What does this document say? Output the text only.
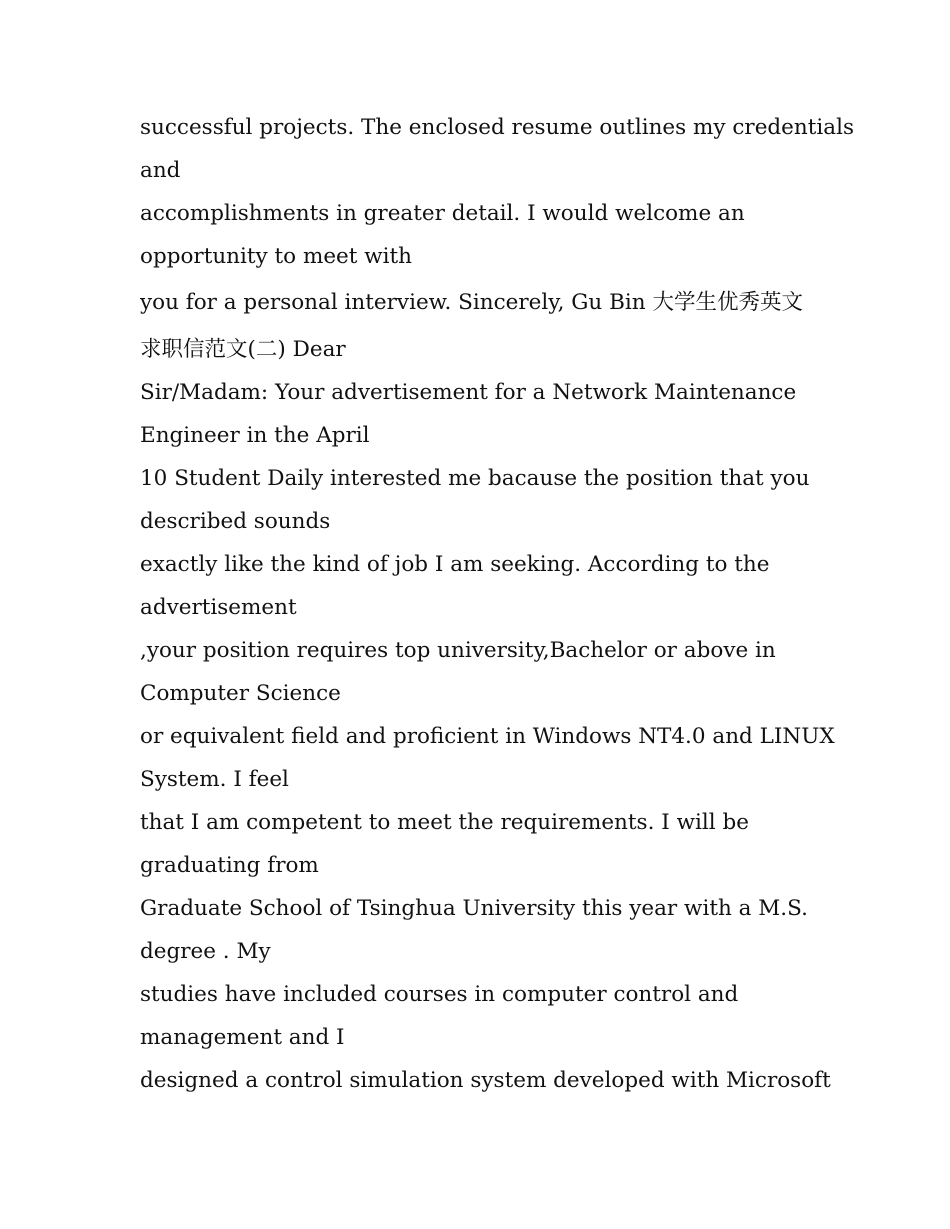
successful projects. The enclosed resume outlines my credentials
and
accomplishments in greater detail. I would welcome an
opportunity to meet with
you for a personal interview. Sincerely, Gu Bin 大学生优秀英文
求职信范文(二) Dear
Sir/Madam: Your advertisement for a Network Maintenance
Engineer in the April
10 Student Daily interested me bacause the position that you
described sounds
exactly like the kind of job I am seeking. According to the
advertisement
,your position requires top university,Bachelor or above in
Computer Science
or equivalent field and proficient in Windows NT4.0 and LINUX
System. I feel
that I am competent to meet the requirements. I will be
graduating from
Graduate School of Tsinghua University this year with a M.S.
degree . My
studies have included courses in computer control and
management and I
designed a control simulation system developed with Microsoft
